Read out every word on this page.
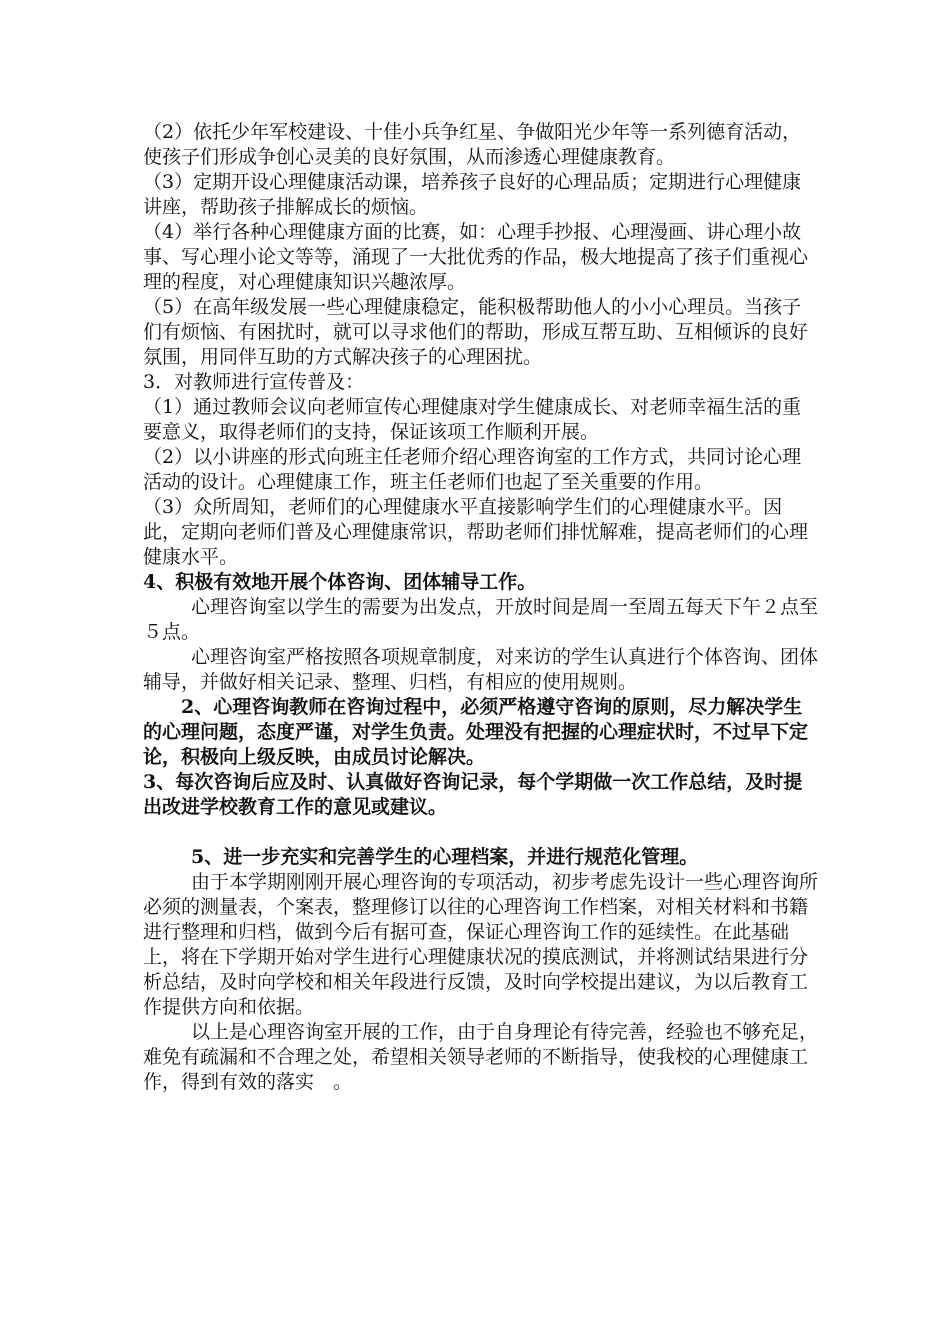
（2）依托少年军校建设、十佳小兵争红星、争做阳光少年等一系列德育活动，使孩子们形成争创心灵美的良好氛围，从而渗透心理健康教育。

（3）定期开设心理健康活动课，培养孩子良好的心理品质；定期进行心理健康讲座，帮助孩子排解成长的烦恼。

（4）举行各种心理健康方面的比赛，如：心理手抄报、心理漫画、讲心理小故事、写心理小论文等等，涌现了一大批优秀的作品，极大地提高了孩子们重视心理的程度，对心理健康知识兴趣浓厚。

（5）在高年级发展一些心理健康稳定，能积极帮助他人的小小心理员。当孩子们有烦恼、有困扰时，就可以寻求他们的帮助，形成互帮互助、互相倾诉的良好氛围，用同伴互助的方式解决孩子的心理困扰。

3．对教师进行宣传普及：

（1）通过教师会议向老师宣传心理健康对学生健康成长、对老师幸福生活的重要意义，取得老师们的支持，保证该项工作顺利开展。

（2）以小讲座的形式向班主任老师介绍心理咨询室的工作方式，共同讨论心理活动的设计。心理健康工作，班主任老师们也起了至关重要的作用。

（3）众所周知，老师们的心理健康水平直接影响学生们的心理健康水平。因此，定期向老师们普及心理健康常识，帮助老师们排忧解难，提高老师们的心理健康水平。

4、积极有效地开展个体咨询、团体辅导工作。

心理咨询室以学生的需要为出发点，开放时间是周一至周五每天下午２点至５点。

心理咨询室严格按照各项规章制度，对来访的学生认真进行个体咨询、团体辅导，并做好相关记录、整理、归档，有相应的使用规则。

2、心理咨询教师在咨询过程中，必须严格遵守咨询的原则，尽力解决学生的心理问题，态度严谨，对学生负责。处理没有把握的心理症状时，不过早下定论，积极向上级反映，由成员讨论解决。

3、每次咨询后应及时、认真做好咨询记录，每个学期做一次工作总结，及时提出改进学校教育工作的意见或建议。

5、进一步充实和完善学生的心理档案，并进行规范化管理。

由于本学期刚刚开展心理咨询的专项活动，初步考虑先设计一些心理咨询所必须的测量表，个案表，整理修订以往的心理咨询工作档案，对相关材料和书籍进行整理和归档，做到今后有据可查，保证心理咨询工作的延续性。在此基础上，将在下学期开始对学生进行心理健康状况的摸底测试，并将测试结果进行分析总结，及时向学校和相关年段进行反馈，及时向学校提出建议，为以后教育工作提供方向和依据。

以上是心理咨询室开展的工作，由于自身理论有待完善，经验也不够充足，难免有疏漏和不合理之处，希望相关领导老师的不断指导，使我校的心理健康工作，得到有效的落实　。
